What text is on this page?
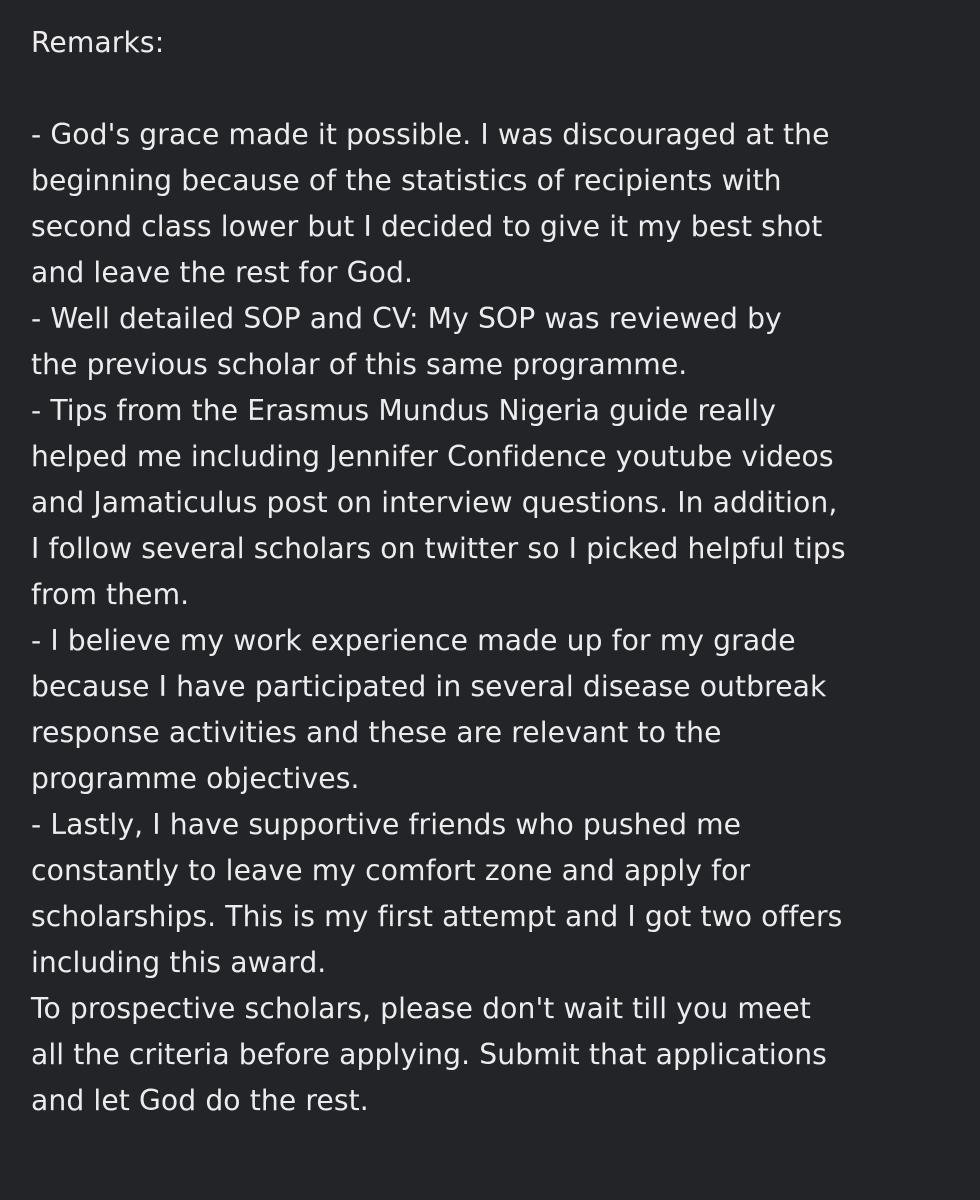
Remarks:
- God's grace made it possible. I was discouraged at the
beginning because of the statistics of recipients with
second class lower but I decided to give it my best shot
and leave the rest for God.
- Well detailed SOP and CV: My SOP was reviewed by
the previous scholar of this same programme.
- Tips from the Erasmus Mundus Nigeria guide really
helped me including Jennifer Confidence youtube videos
and Jamaticulus post on interview questions. In addition,
I follow several scholars on twitter so I picked helpful tips
from them.
- I believe my work experience made up for my grade
because I have participated in several disease outbreak
response activities and these are relevant to the
programme objectives.
- Lastly, I have supportive friends who pushed me
constantly to leave my comfort zone and apply for
scholarships. This is my first attempt and I got two offers
including this award.
To prospective scholars, please don't wait till you meet
all the criteria before applying. Submit that applications
and let God do the rest.
